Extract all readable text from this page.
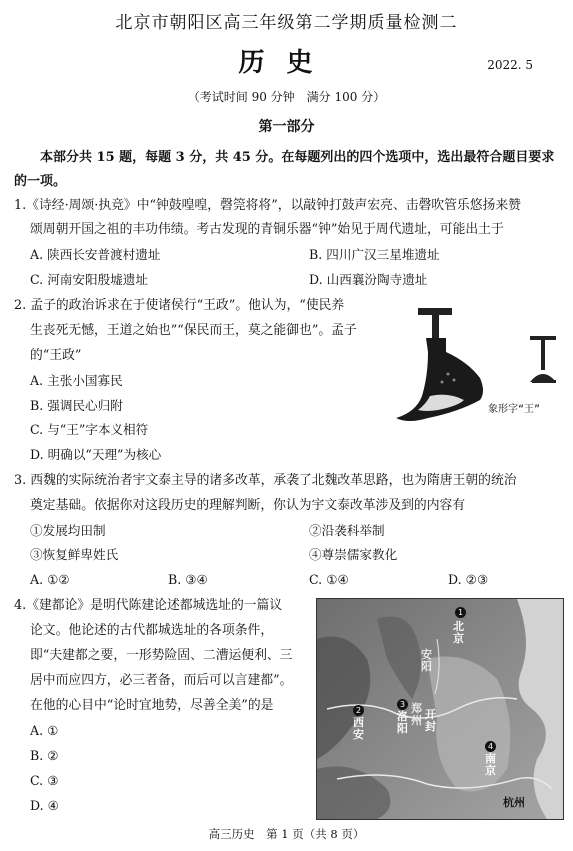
北京市朝阳区高三年级第二学期质量检测二
历史	2022. 5
（考试时间 90 分钟　满分 100 分）
第一部分
本部分共 15 题，每题 3 分，共 45 分。在每题列出的四个选项中，选出最符合题目要求的一项。
1.《诗经·周颂·执竞》中“钟鼓喤喤，磬筦将将”，以敲钟打鼓声宏亮、击磬吹管乐悠扬来赞
颂周朝开国之祖的丰功伟绩。考古发现的青铜乐器“钟”始见于周代遗址，可能出土于
A. 陕西长安普渡村遗址	B. 四川广汉三星堆遗址
C. 河南安阳殷墟遗址	D. 山西襄汾陶寺遗址
2. 孟子的政治诉求在于使诸侯行“王政”。他认为，“使民养
生丧死无憾，王道之始也”“保民而王，莫之能御也”。孟子
的“王政”
A. 主张小国寡民
B. 强调民心归附
C. 与“王”字本义相符
D. 明确以“天理”为核心
象形字“王”
3. 西魏的实际统治者宇文泰主导的诸多改革，承袭了北魏改革思路，也为隋唐王朝的统治
奠定基础。依据你对这段历史的理解判断，你认为宇文泰改革涉及到的内容有
①发展均田制	②沿袭科举制
③恢复鲜卑姓氏	④尊崇儒家教化
A. ①②	B. ③④	C. ①④	D. ②③
4.《建都论》是明代陈建论述都城选址的一篇议
论文。他论述的古代都城选址的各项条件，
即“夫建都之要，一形势险固、二漕运便利、三
居中而应四方，必三者备，而后可以言建都”。
在他的心目中“论时宜地势，尽善全美”的是
A. ①
B. ②
C. ③
D. ④
1
北京
安阳
2
西安
3
洛阳
郑州 开封
4
南京
杭州
高三历史　第 1 页（共 8 页）
